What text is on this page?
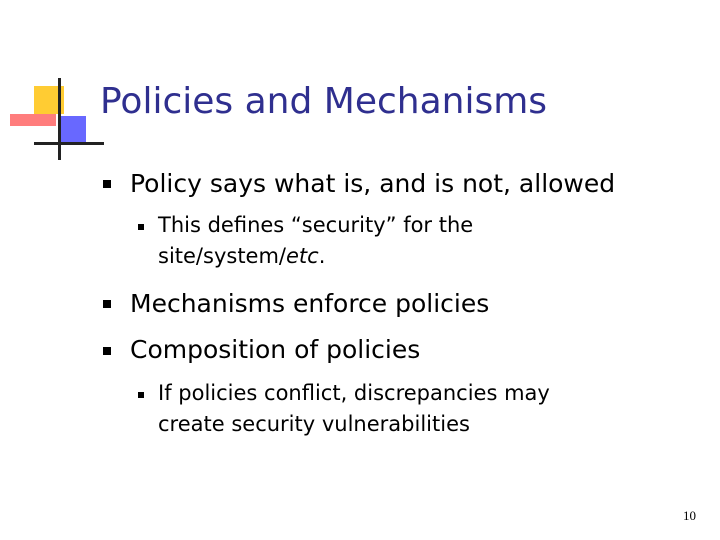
Policies and Mechanisms
Policy says what is, and is not, allowed
This defines “security” for the
site/system/etc.
Mechanisms enforce policies
Composition of policies
If policies conflict, discrepancies may
create security vulnerabilities
10
